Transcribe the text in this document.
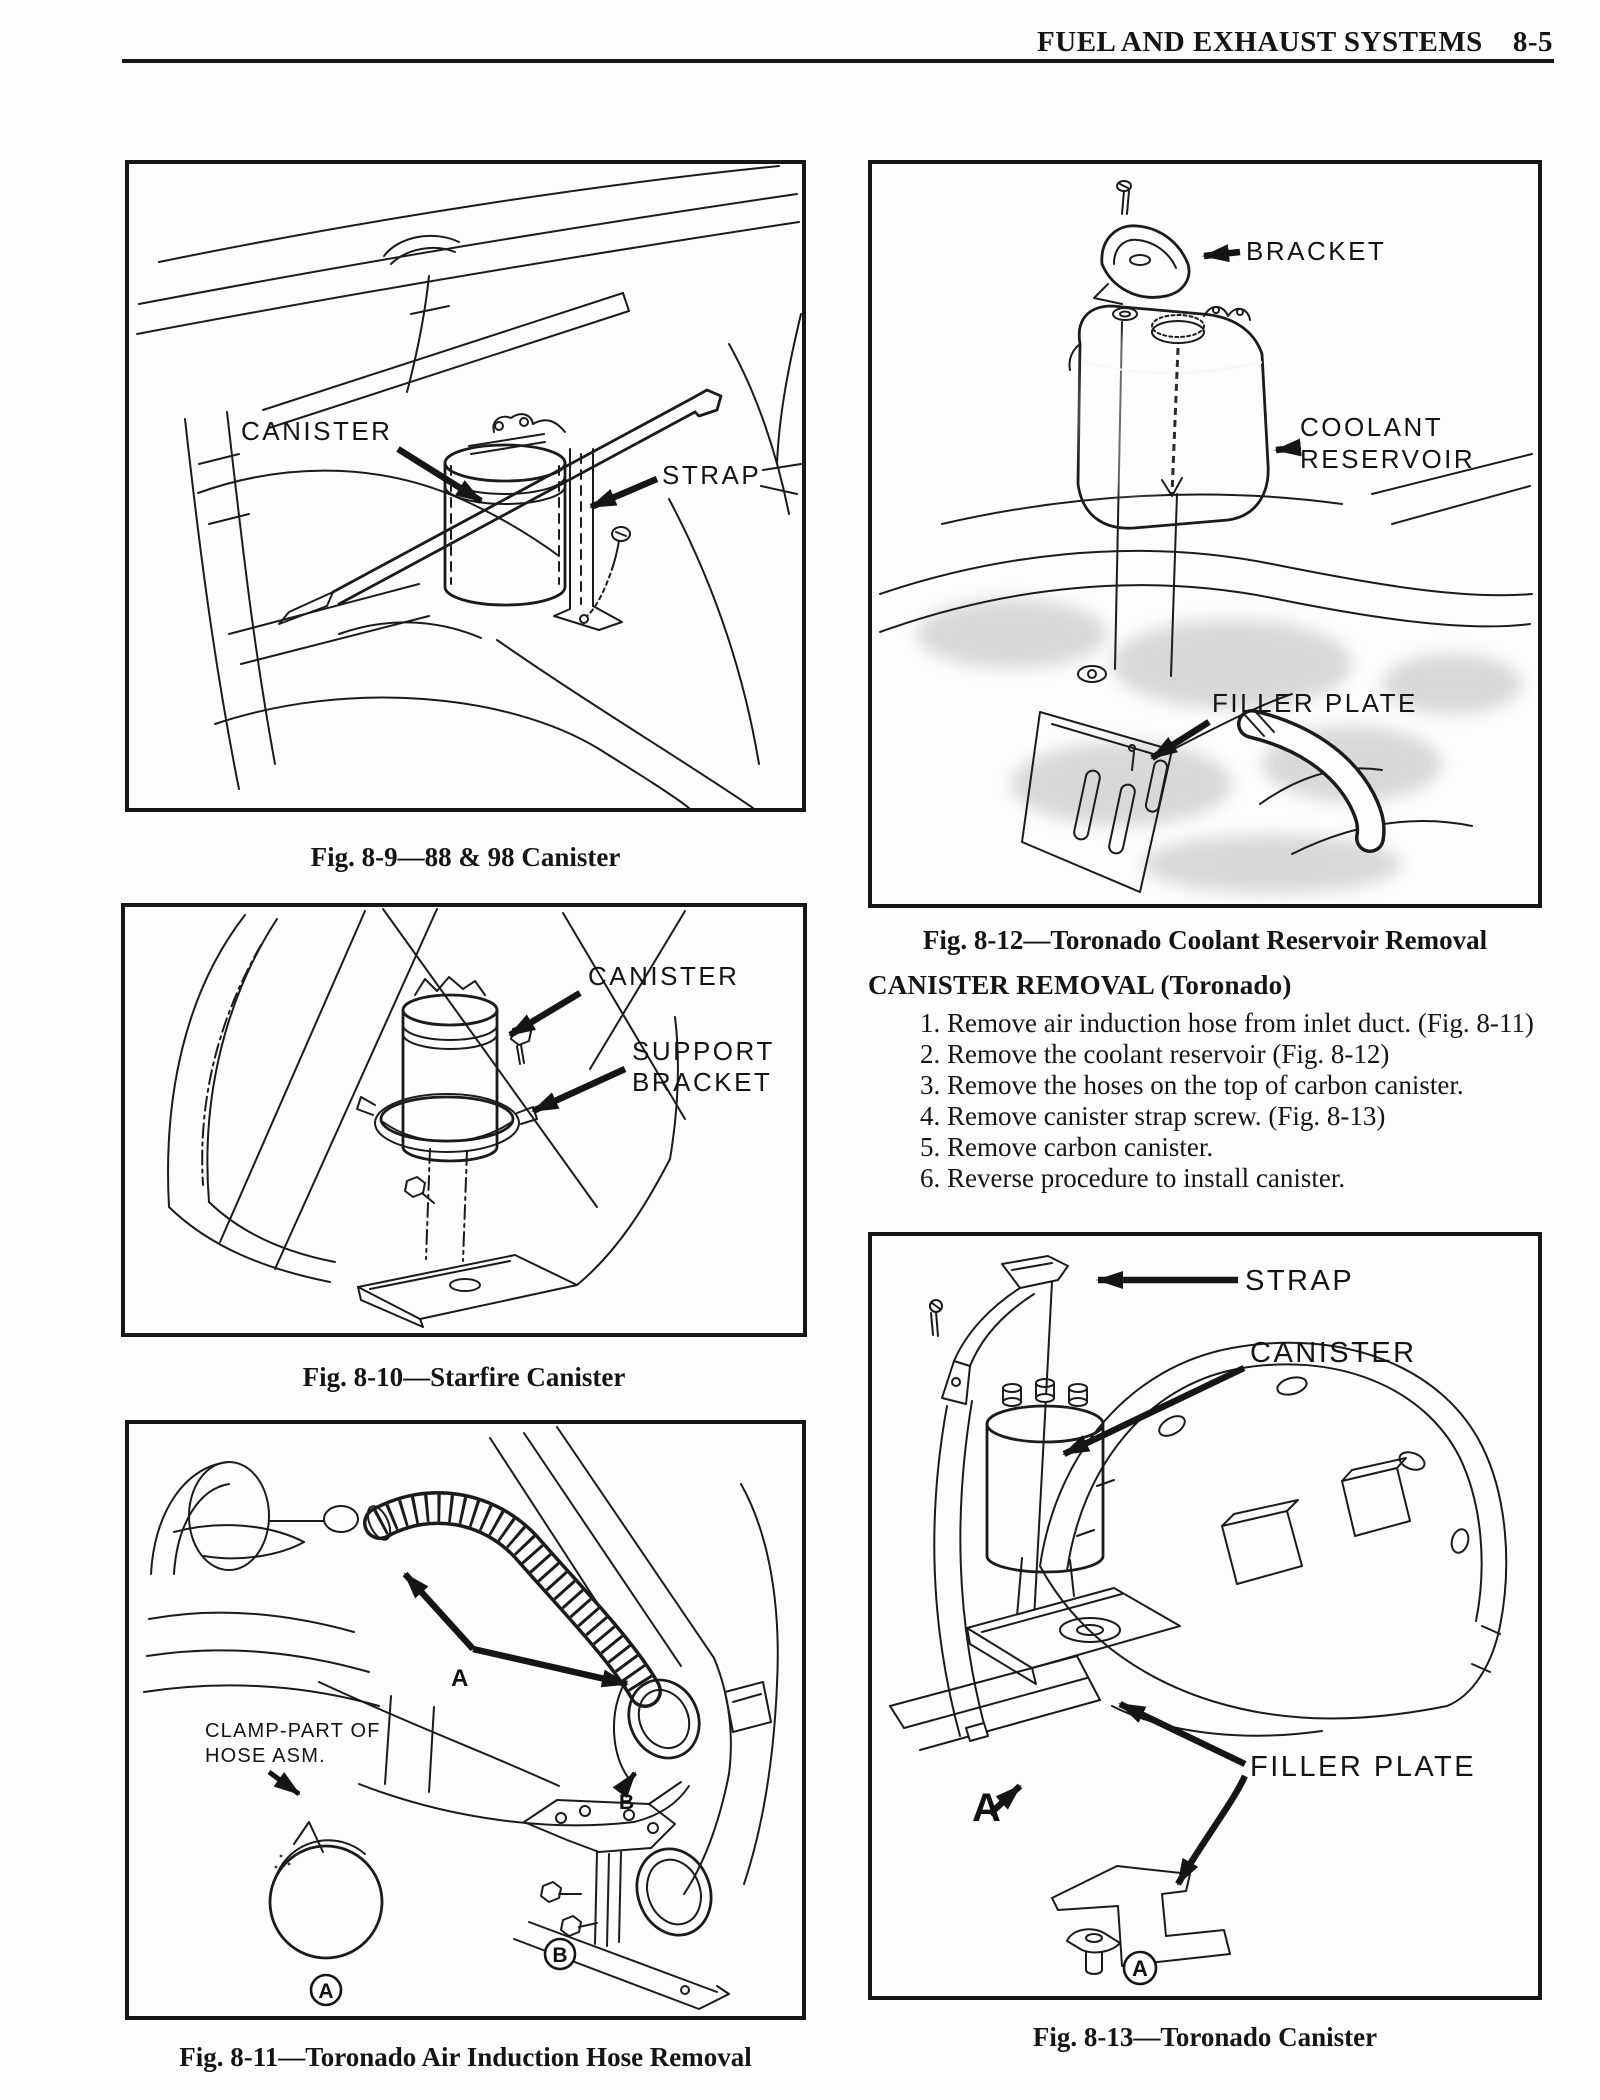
FUEL AND EXHAUST SYSTEMS 8-5
CANISTER
STRAP
Fig. 8-9—88 & 98 Canister
CANISTER
SUPPORT
BRACKET
Fig. 8-10—Starfire Canister
A
B
CLAMP-PART OF
HOSE ASM.
A
B
Fig. 8-11—Toronado Air Induction Hose Removal
BRACKET
COOLANT
RESERVOIR
FILLER PLATE
Fig. 8-12—Toronado Coolant Reservoir Removal
CANISTER REMOVAL (Toronado)

1. Remove air induction hose from inlet duct. (Fig. 8-11)

2. Remove the coolant reservoir (Fig. 8-12)

3. Remove the hoses on the top of carbon canister.

4. Remove canister strap screw. (Fig. 8-13)

5. Remove carbon canister.

6. Reverse procedure to install canister.

A
STRAP
CANISTER
FILLER PLATE
A
Fig. 8-13—Toronado Canister
